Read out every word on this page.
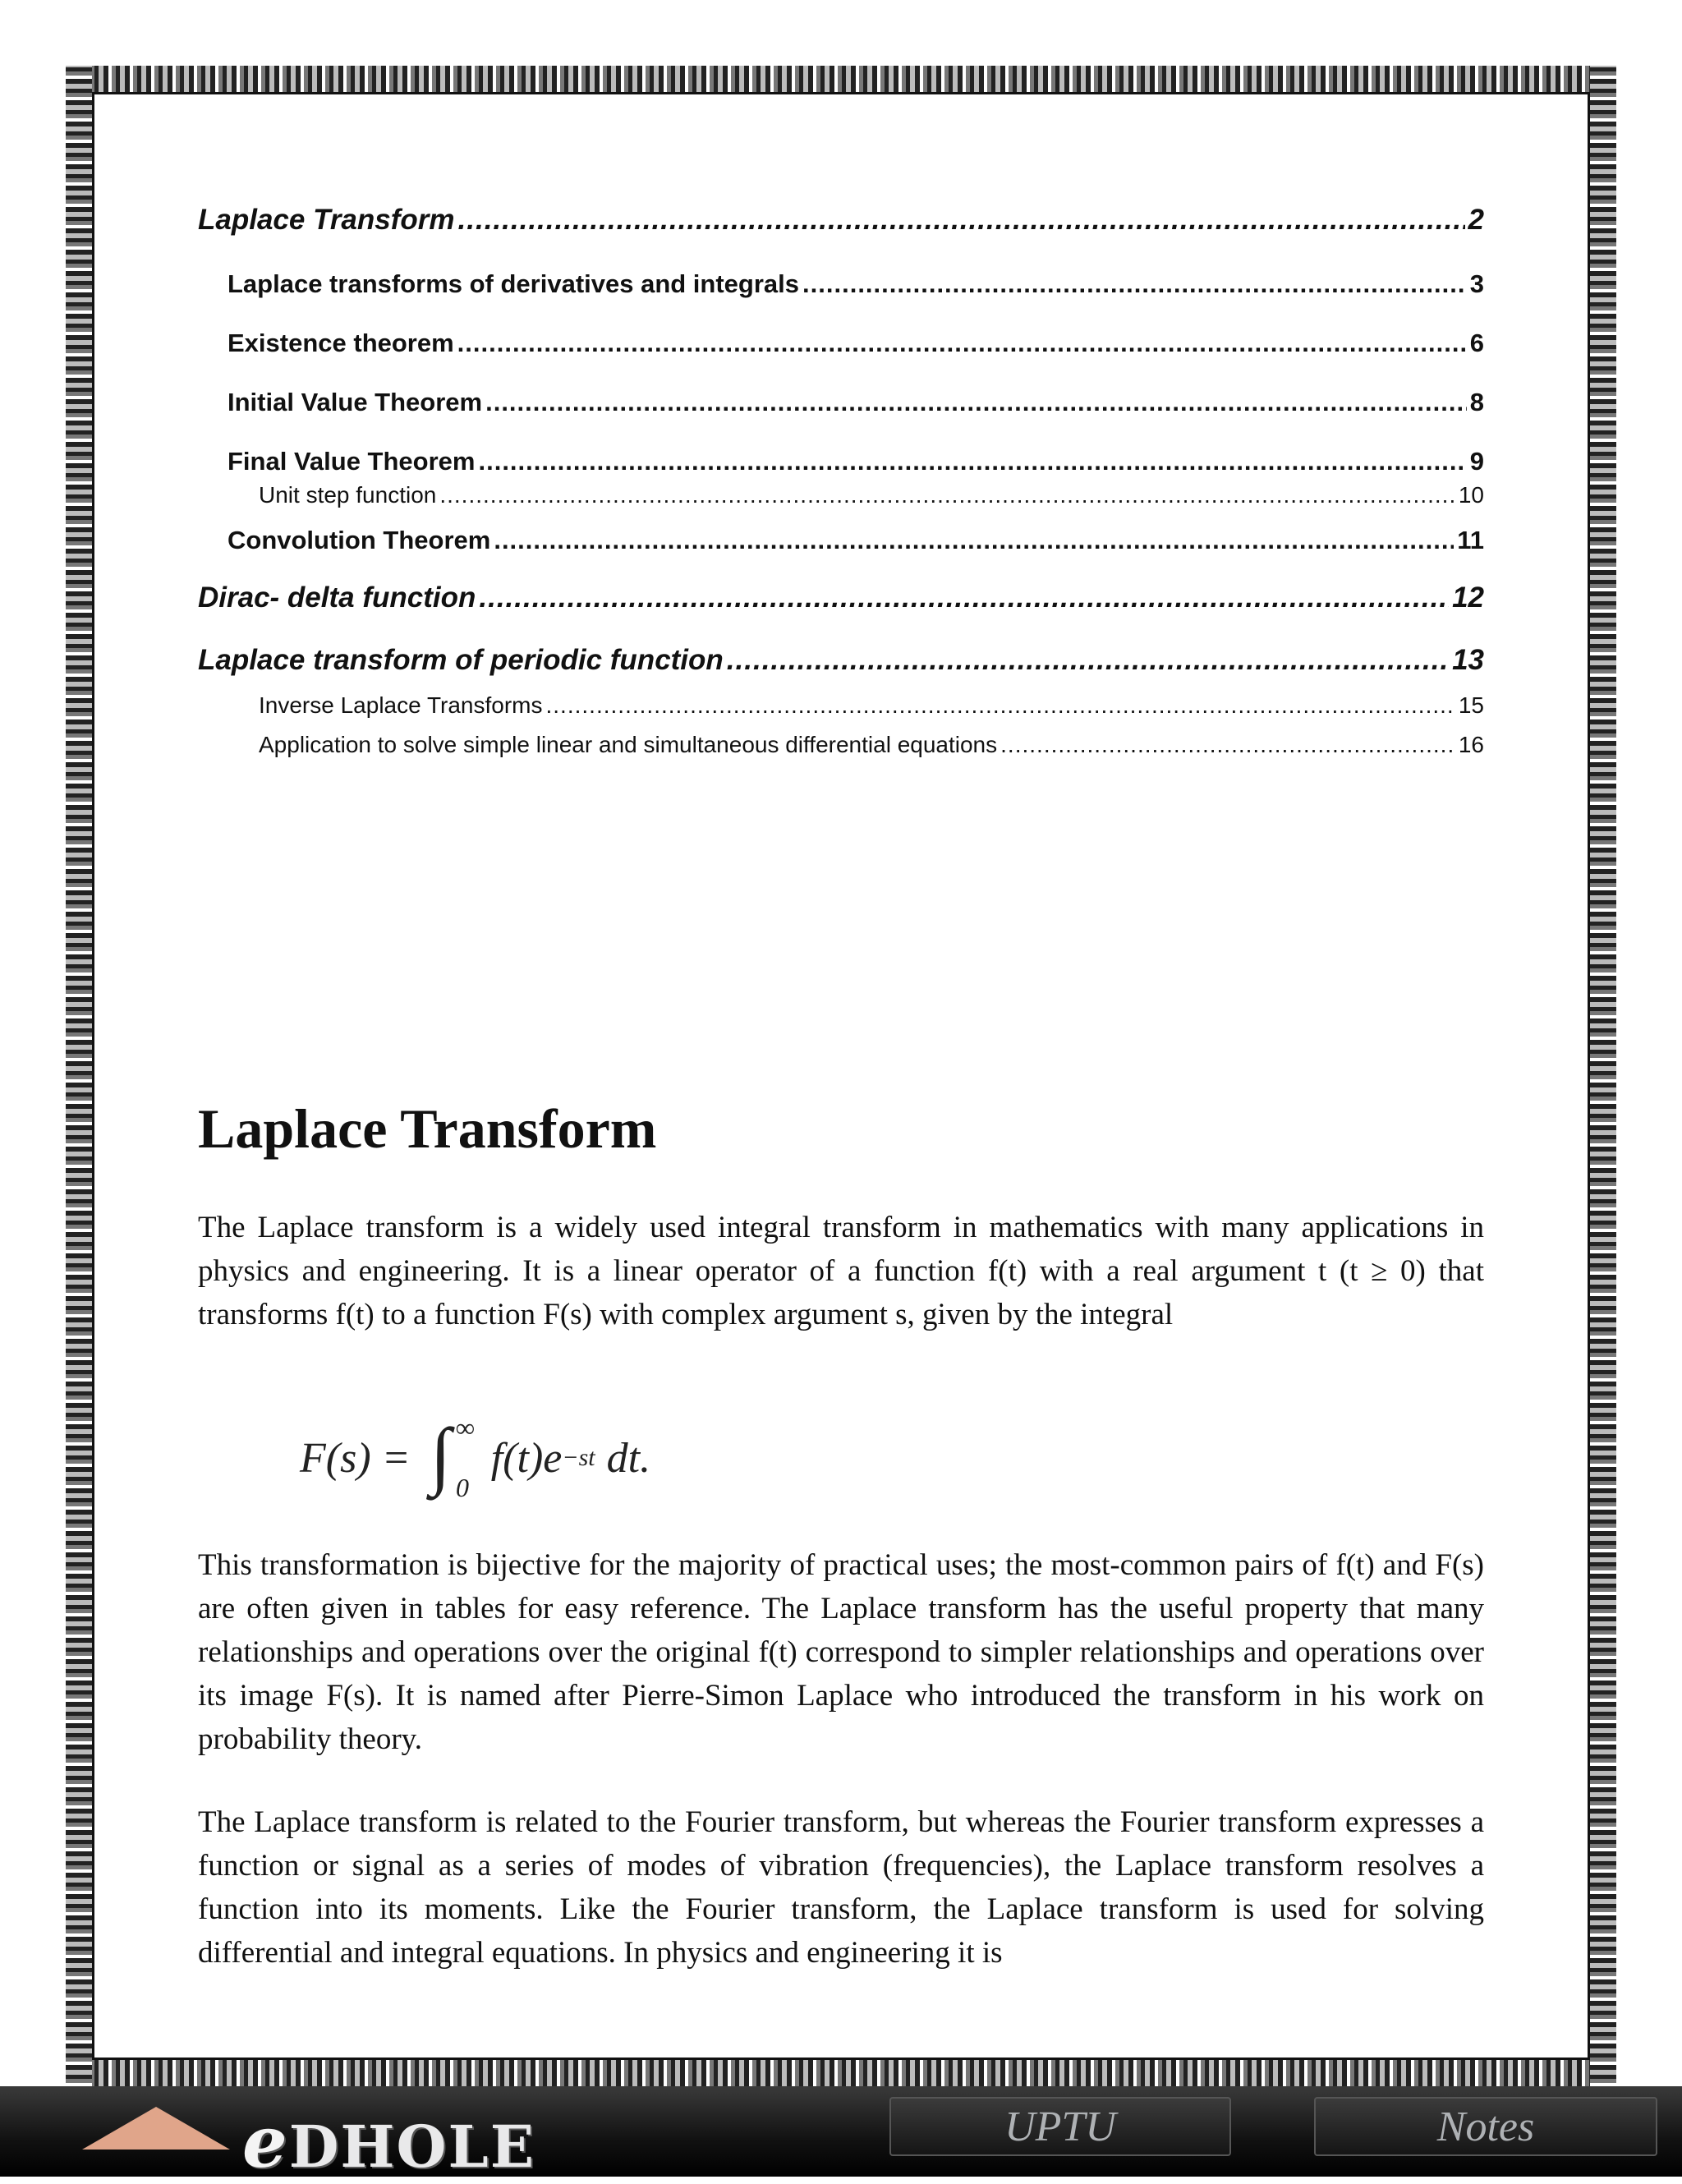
Laplace Transform .....	2
Laplace transforms of derivatives and integrals .....	3
Existence theorem .....	6
Initial Value Theorem .....	8
Final Value Theorem .....	9
Unit step function .....	10
Convolution Theorem .....	11
Dirac- delta function .....	12
Laplace transform of periodic function .....	13
Inverse Laplace Transforms .....	15
Application to solve simple linear and simultaneous differential equations .....	16
Laplace Transform

The Laplace transform is a widely used integral transform in mathematics with many applications in physics and engineering. It is a linear operator of a function f(t) with a real argument t (t ≥ 0) that transforms f(t) to a function F(s) with complex argument s, given by the integral

F(s) = ∫ ∞
0
f(t)e −st dt.

This transformation is bijective for the majority of practical uses; the most-common pairs of f(t) and F(s) are often given in tables for easy reference. The Laplace transform has the useful property that many relationships and operations over the original f(t) correspond to simpler relationships and operations over its image F(s). It is named after Pierre-Simon Laplace who introduced the transform in his work on probability theory.

The Laplace transform is related to the Fourier transform, but whereas the Fourier transform expresses a function or signal as a series of modes of vibration (frequencies), the Laplace transform resolves a function into its moments. Like the Fourier transform, the Laplace transform is used for solving differential and integral equations. In physics and engineering it is

eDHOLE	UPTU	Notes
